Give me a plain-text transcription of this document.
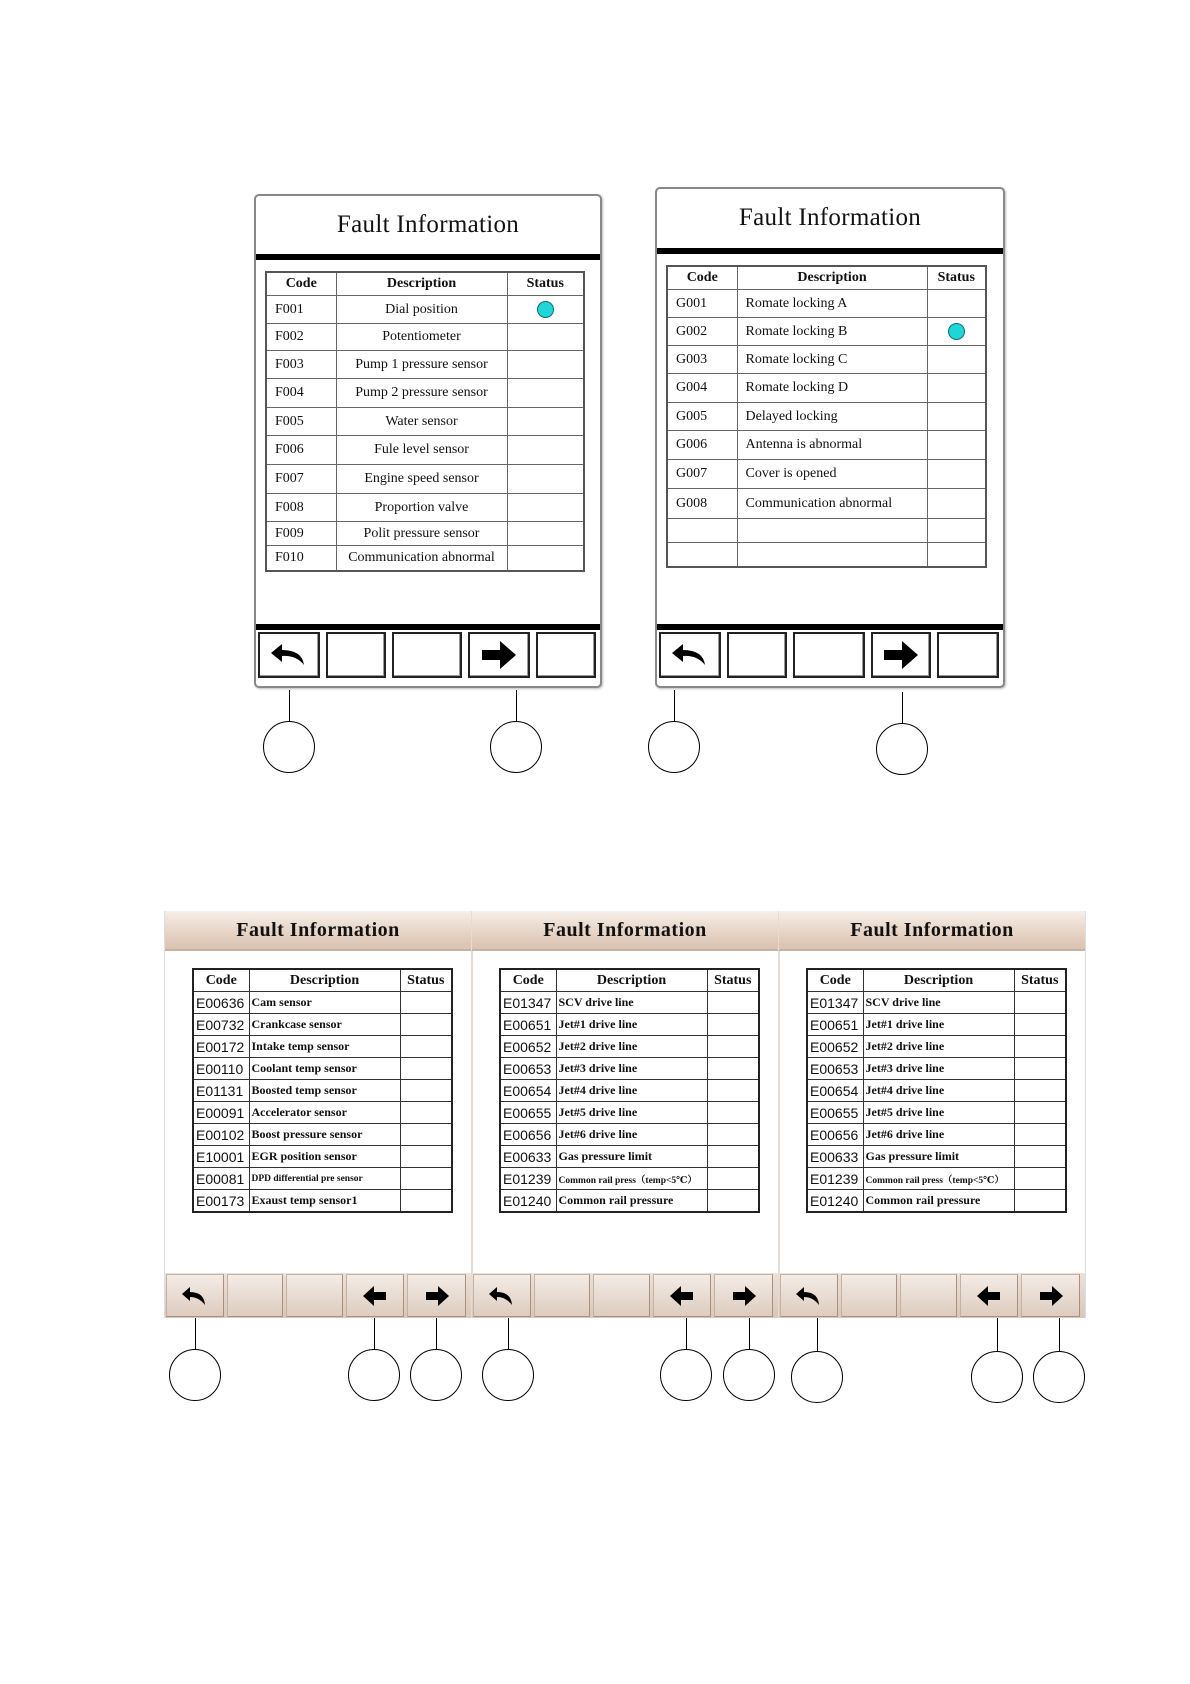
Fault Information
Code	Description	Status
F001	Dial position	
F002	Potentiometer	
F003	Pump 1 pressure sensor	
F004	Pump 2 pressure sensor	
F005	Water sensor	
F006	Fule level sensor	
F007	Engine speed sensor	
F008	Proportion valve	
F009	Polit pressure sensor	
F010	Communication abnormal	
Fault Information
Code	Description	Status
G001	Romate locking A	
G002	Romate locking B	
G003	Romate locking C	
G004	Romate locking D	
G005	Delayed locking	
G006	Antenna is abnormal	
G007	Cover is opened	
G008	Communication abnormal	

Fault Information
Code	Description	Status
E00636	Cam sensor	
E00732	Crankcase sensor	
E00172	Intake temp sensor	
E00110	Coolant temp sensor	
E01131	Boosted temp sensor	
E00091	Accelerator sensor	
E00102	Boost pressure sensor	
E10001	EGR position sensor	
E00081	DPD differential pre sensor	
E00173	Exaust temp sensor1	
Fault Information
Code	Description	Status
E01347	SCV drive line	
E00651	Jet#1 drive line	
E00652	Jet#2 drive line	
E00653	Jet#3 drive line	
E00654	Jet#4 drive line	
E00655	Jet#5 drive line	
E00656	Jet#6 drive line	
E00633	Gas pressure limit	
E01239	Common rail press（temp<5℃）	
E01240	Common rail pressure	
Fault Information
Code	Description	Status
E01347	SCV drive line	
E00651	Jet#1 drive line	
E00652	Jet#2 drive line	
E00653	Jet#3 drive line	
E00654	Jet#4 drive line	
E00655	Jet#5 drive line	
E00656	Jet#6 drive line	
E00633	Gas pressure limit	
E01239	Common rail press（temp<5℃）	
E01240	Common rail pressure	
